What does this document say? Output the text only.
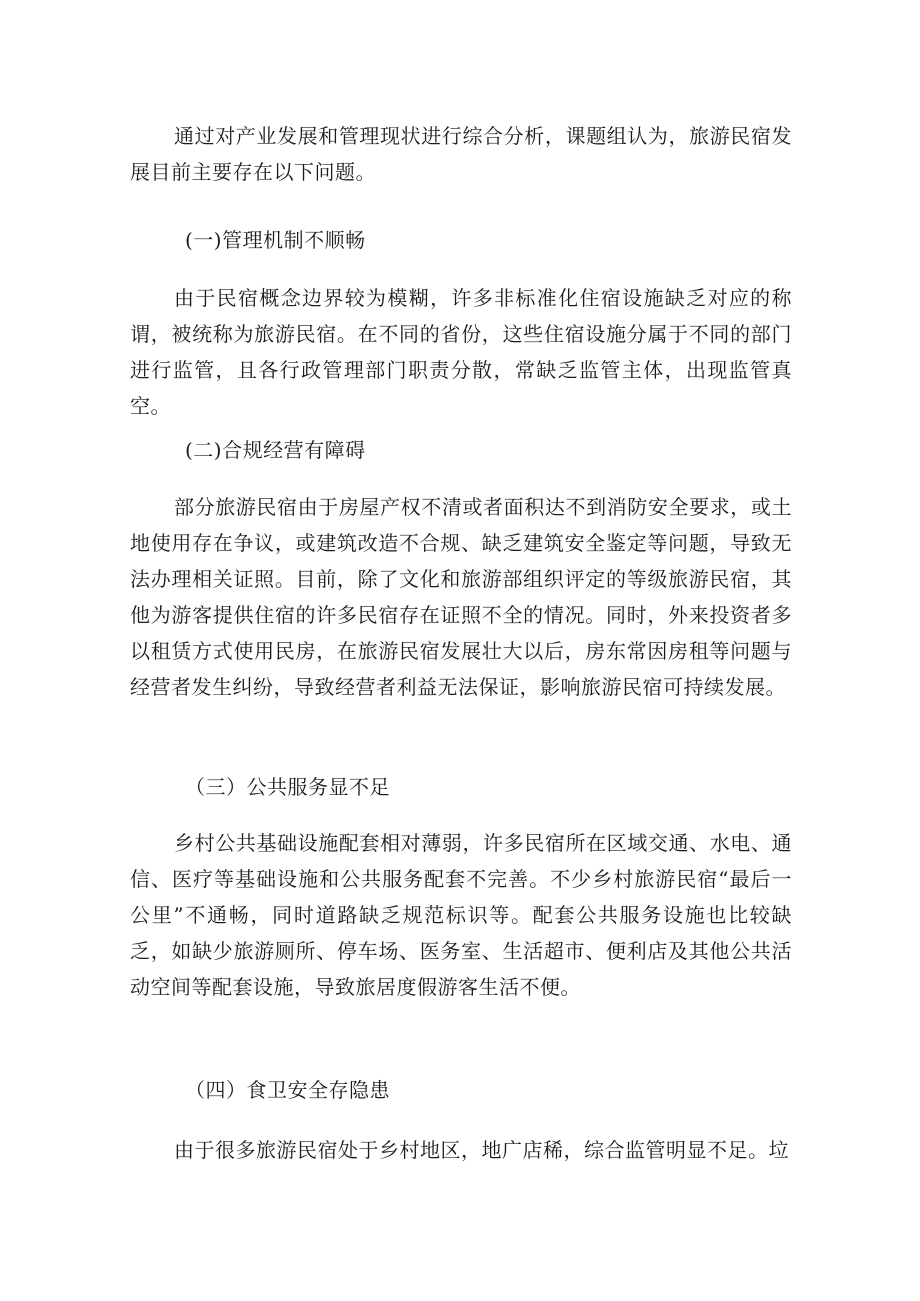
通过对产业发展和管理现状进行综合分析，课题组认为，旅游民宿发展目前主要存在以下问题。

(一)管理机制不顺畅

由于民宿概念边界较为模糊，许多非标准化住宿设施缺乏对应的称谓，被统称为旅游民宿。在不同的省份，这些住宿设施分属于不同的部门进行监管，且各行政管理部门职责分散，常缺乏监管主体，出现监管真空。

(二)合规经营有障碍

部分旅游民宿由于房屋产权不清或者面积达不到消防安全要求，或土地使用存在争议，或建筑改造不合规、缺乏建筑安全鉴定等问题，导致无法办理相关证照。目前，除了文化和旅游部组织评定的等级旅游民宿，其他为游客提供住宿的许多民宿存在证照不全的情况。同时，外来投资者多以租赁方式使用民房，在旅游民宿发展壮大以后，房东常因房租等问题与经营者发生纠纷，导致经营者利益无法保证，影响旅游民宿可持续发展。

（三）公共服务显不足

乡村公共基础设施配套相对薄弱，许多民宿所在区域交通、水电、通信、医疗等基础设施和公共服务配套不完善。不少乡村旅游民宿“最后一公里”不通畅，同时道路缺乏规范标识等。配套公共服务设施也比较缺乏，如缺少旅游厕所、停车场、医务室、生活超市、便利店及其他公共活动空间等配套设施，导致旅居度假游客生活不便。

（四）食卫安全存隐患

由于很多旅游民宿处于乡村地区，地广店稀，综合监管明显不足。垃
